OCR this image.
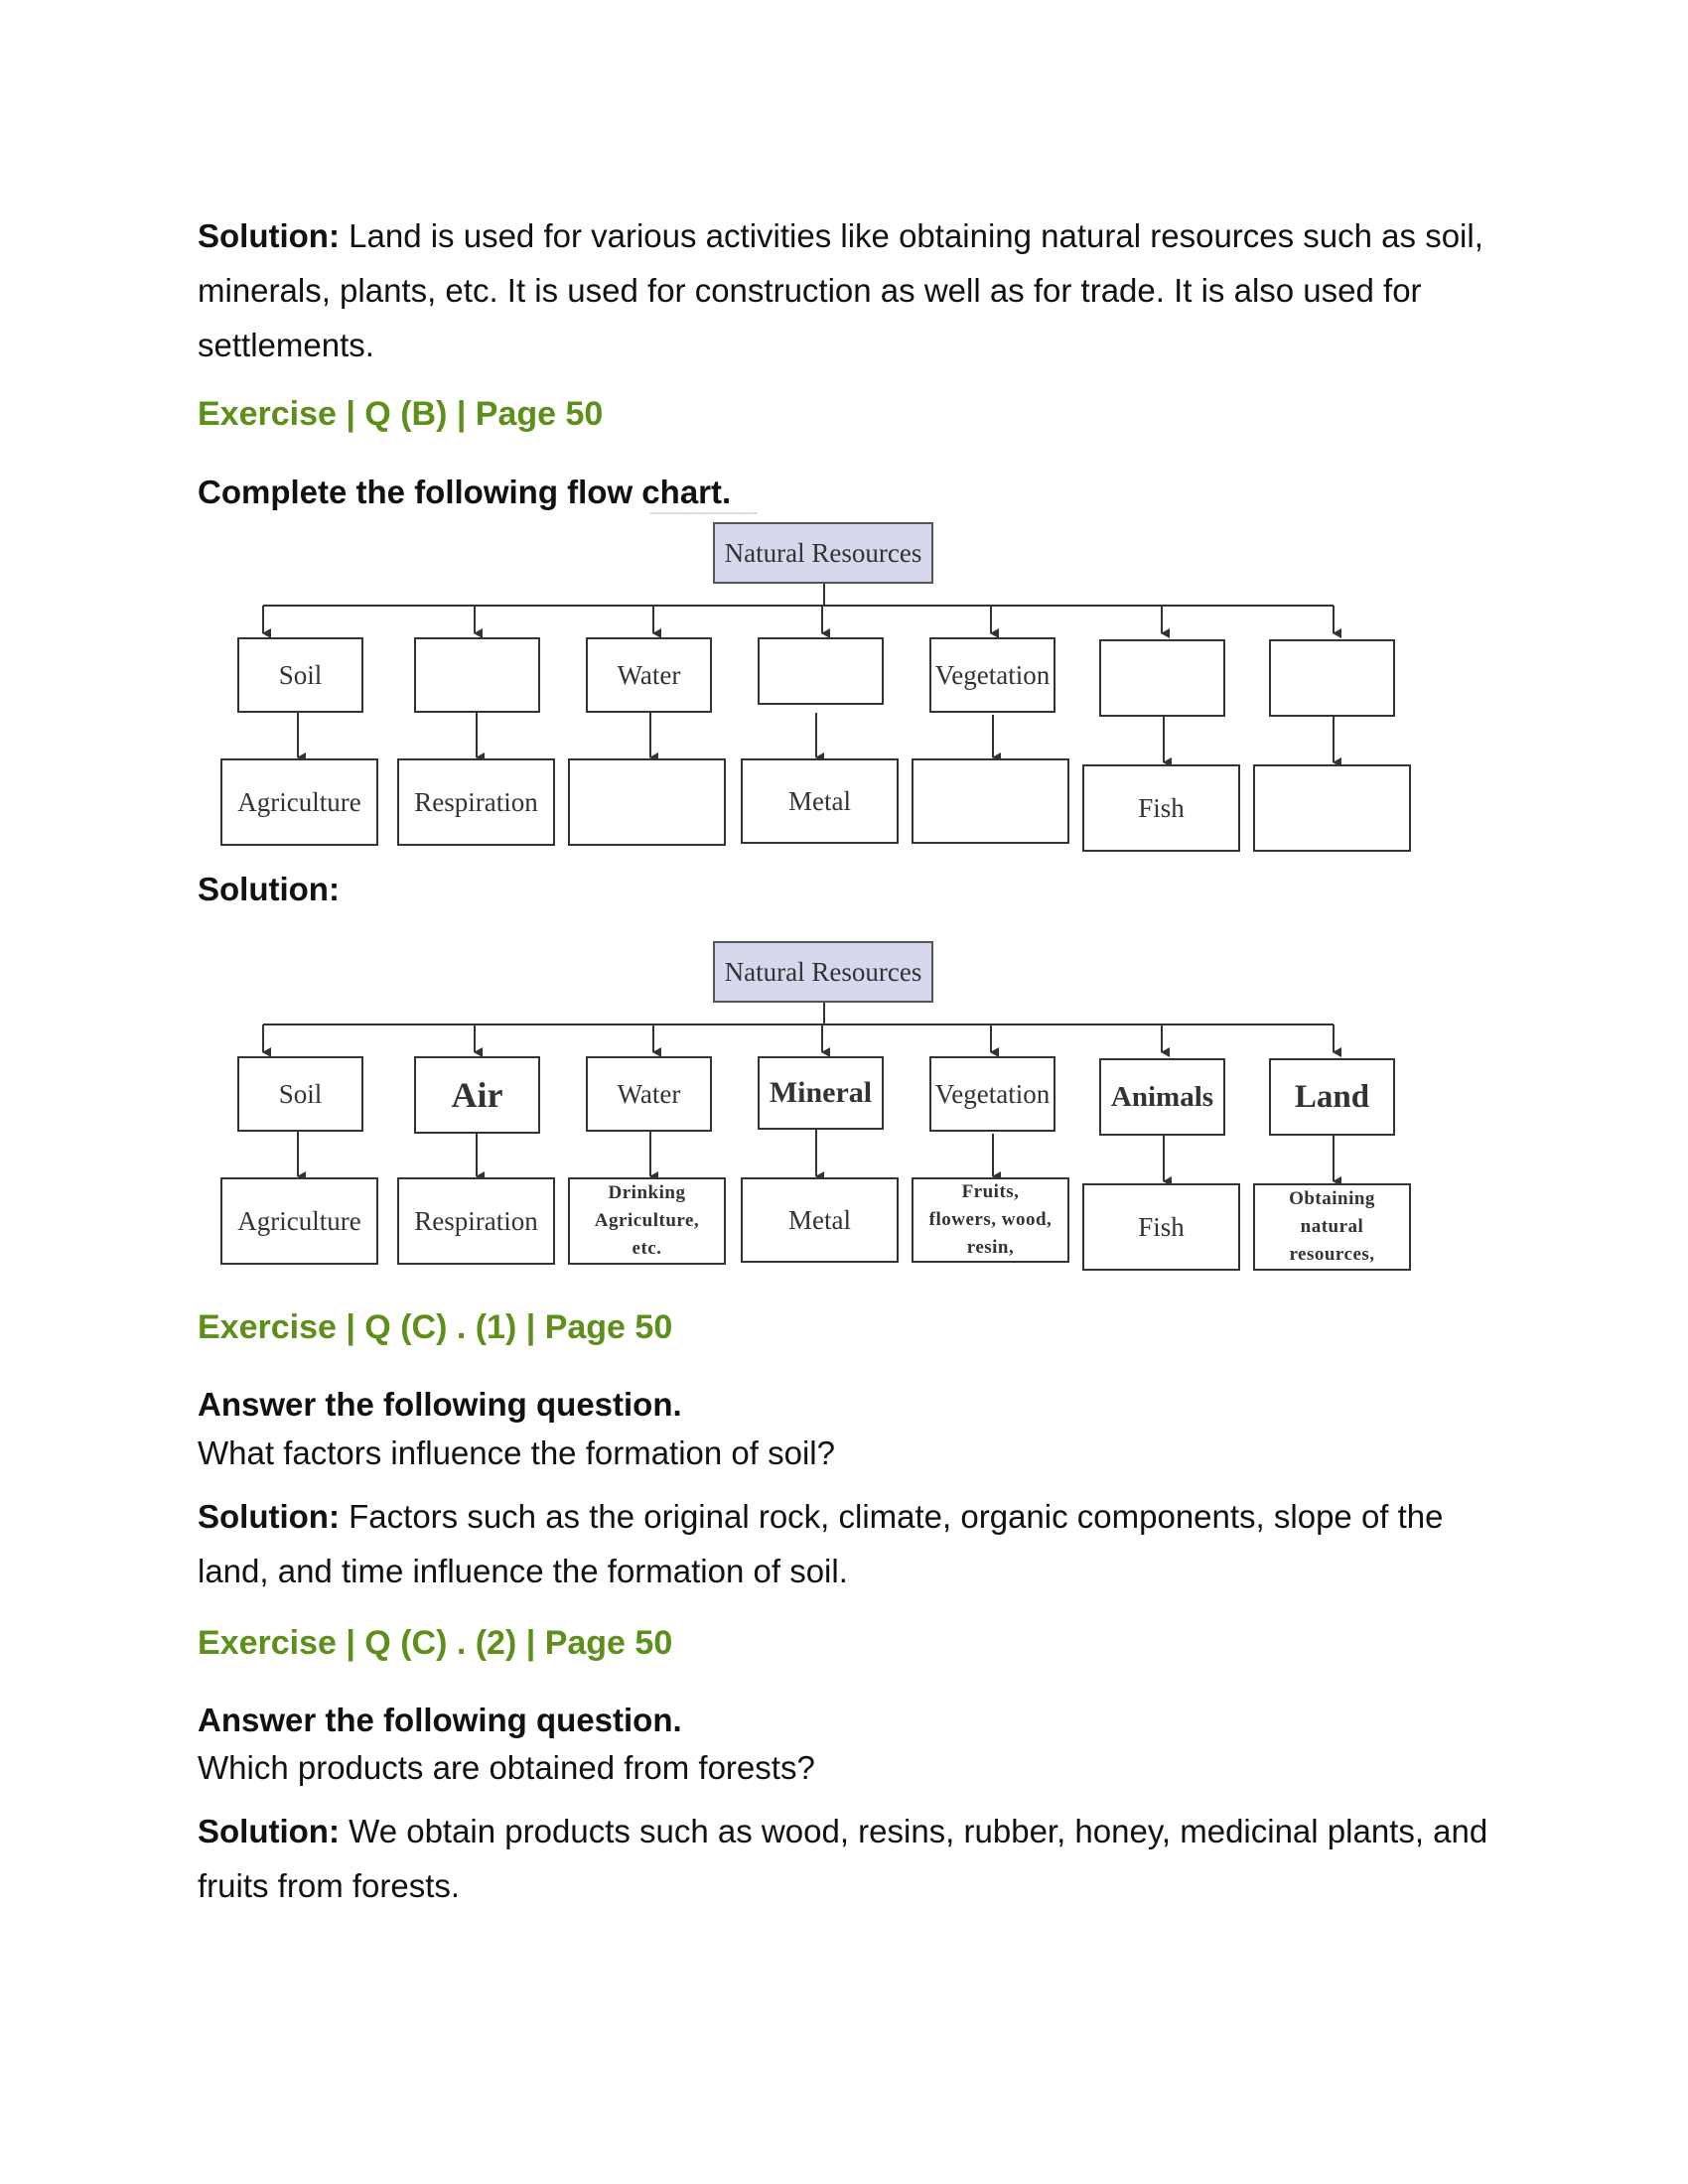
Solution: Land is used for various activities like obtaining natural resources such as soil, minerals, plants, etc. It is used for construction as well as for trade. It is also used for settlements.

Exercise | Q (B) | Page 50

Complete the following flow chart.

Natural Resources
Soil	Water	Vegetation
Agriculture	Respiration	Metal	Fish

Solution:

Natural Resources
Soil	Air	Water	Mineral	Vegetation	Animals	Land
Agriculture	Respiration
Drinking Agriculture, etc.
Metal
Fruits, flowers, wood, resin,
Fish
Obtaining natural resources,

Exercise | Q (C) . (1) | Page 50

Answer the following question.

What factors influence the formation of soil?

Solution: Factors such as the original rock, climate, organic components, slope of the land, and time influence the formation of soil.

Exercise | Q (C) . (2) | Page 50

Answer the following question.

Which products are obtained from forests?

Solution: We obtain products such as wood, resins, rubber, honey, medicinal plants, and fruits from forests.
